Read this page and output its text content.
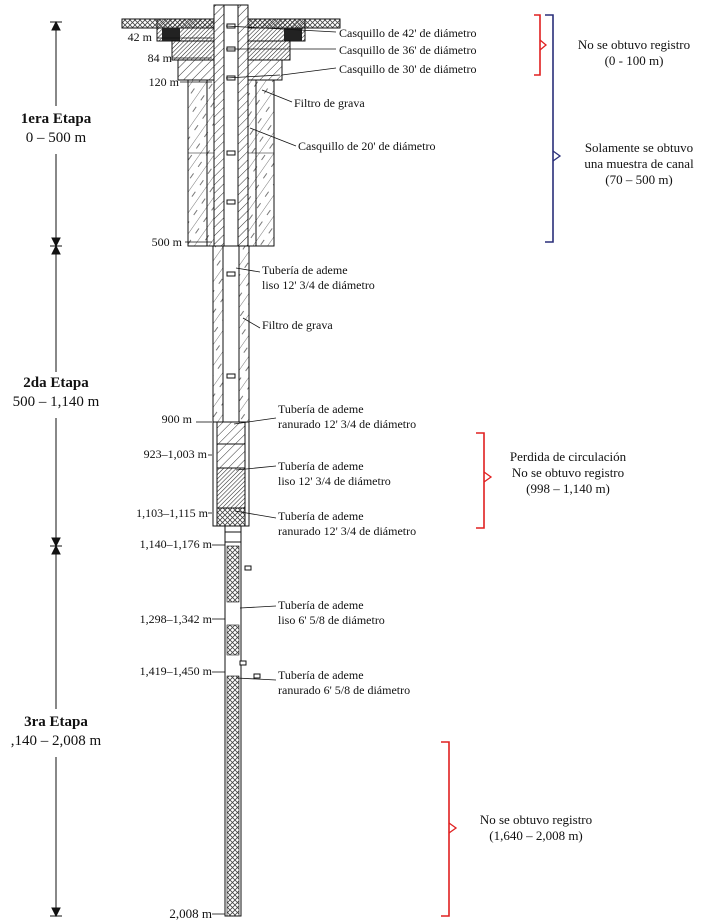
1era Etapa
0 – 500 m
2da Etapa
500 – 1,140 m
3ra Etapa
,140 – 2,008 m
42 m
84 m
120 m
500 m
900 m
923–1,003 m
1,103–1,115 m
1,140–1,176 m
1,298–1,342 m
1,419–1,450 m
2,008 m
Casquillo de 42' de diámetro
Casquillo de 36' de diámetro
Casquillo de 30' de diámetro
Filtro de grava
Casquillo de 20' de diámetro
Tubería de ademe
liso 12' 3/4 de diámetro
Filtro de grava
Tubería de ademe
ranurado 12' 3/4 de diámetro
Tubería de ademe
liso 12' 3/4 de diámetro
Tubería de ademe
ranurado 12' 3/4 de diámetro
Tubería de ademe
liso 6' 5/8 de diámetro
Tubería de ademe
ranurado 6' 5/8 de diámetro
No se obtuvo registro
(0 - 100 m)
Solamente se obtuvo
una muestra de canal
(70 – 500 m)
Perdida de circulación
No se obtuvo registro
(998 – 1,140 m)
No se obtuvo registro
(1,640 – 2,008 m)
